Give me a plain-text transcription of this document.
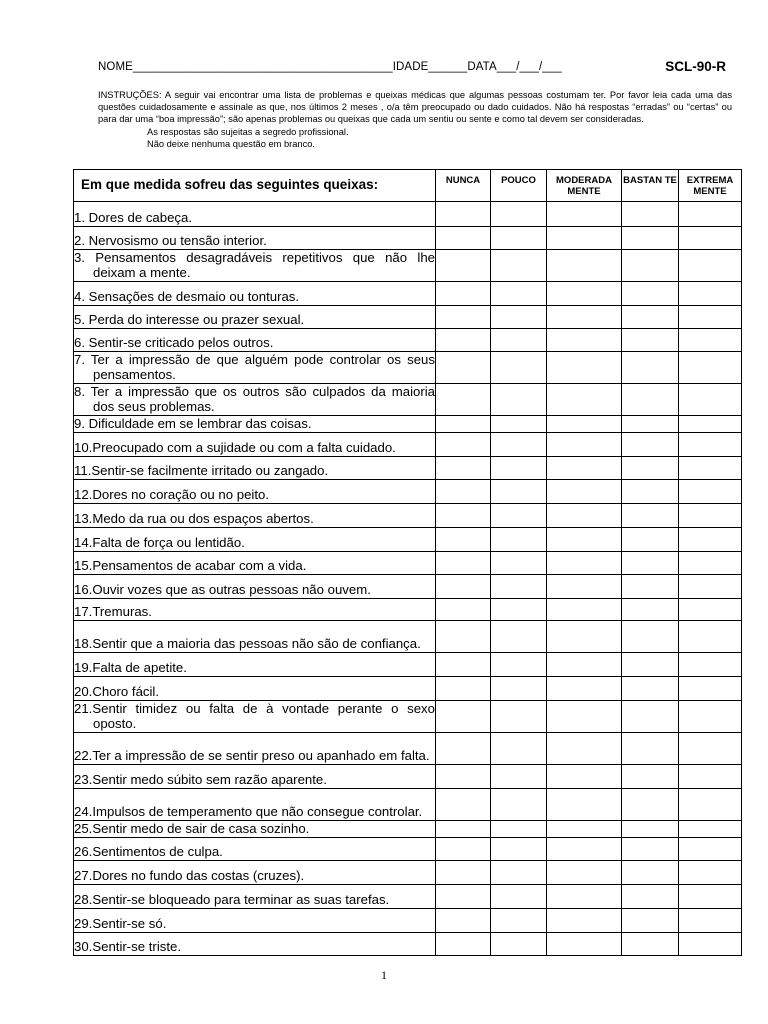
NOME________________________________________IDADE______DATA___/___/___	SCL-90-R

INSTRUÇÕES: A seguir vai encontrar uma lista de problemas e queixas médicas que algumas pessoas costumam ter. Por favor leia cada uma das questões cuidadosamente e assinale as que, nos últimos 2 meses , o/a têm preocupado ou dado cuidados. Não há respostas “erradas” ou “certas” ou para dar uma “boa impressão”; são apenas problemas ou queixas que cada um sentiu ou sente e como tal devem ser consideradas.

As respostas são sujeitas a segredo profissional.

Não deixe nenhuma questão em branco.

Em que medida sofreu das seguintes queixas:	NUNCA	POUCO	MODERADA MENTE	BASTAN TE	EXTREMA MENTE

1. Dores de cabeça.					

2. Nervosismo ou tensão interior.					

3. Pensamentos desagradáveis repetitivos que não lhe deixam a mente.					

4. Sensações de desmaio ou tonturas.					

5. Perda do interesse ou prazer sexual.					

6. Sentir-se criticado pelos outros.					

7. Ter a impressão de que alguém pode controlar os seus pensamentos.					

8. Ter a impressão que os outros são culpados da maioria dos seus problemas.					

9. Dificuldade em se lembrar das coisas.					

10.Preocupado com a sujidade ou com a falta cuidado.					

11.Sentir-se facilmente irritado ou zangado.					

12.Dores no coração ou no peito.					

13.Medo da rua ou dos espaços abertos.					

14.Falta de força ou lentidão.					

15.Pensamentos de acabar com a vida.					

16.Ouvir vozes que as outras pessoas não ouvem.					

17.Tremuras.					

18.Sentir que a maioria das pessoas não são de confiança.					

19.Falta de apetite.					

20.Choro fácil.					

21.Sentir timidez ou falta de à vontade perante o sexo oposto.					

22.Ter a impressão de se sentir preso ou apanhado em falta.					

23.Sentir medo súbito sem razão aparente.					

24.Impulsos de temperamento que não consegue controlar.					

25.Sentir medo de sair de casa sozinho.					

26.Sentimentos de culpa.					

27.Dores no fundo das costas (cruzes).					

28.Sentir-se bloqueado para terminar as suas tarefas.					

29.Sentir-se só.					

30.Sentir-se triste.					

1
